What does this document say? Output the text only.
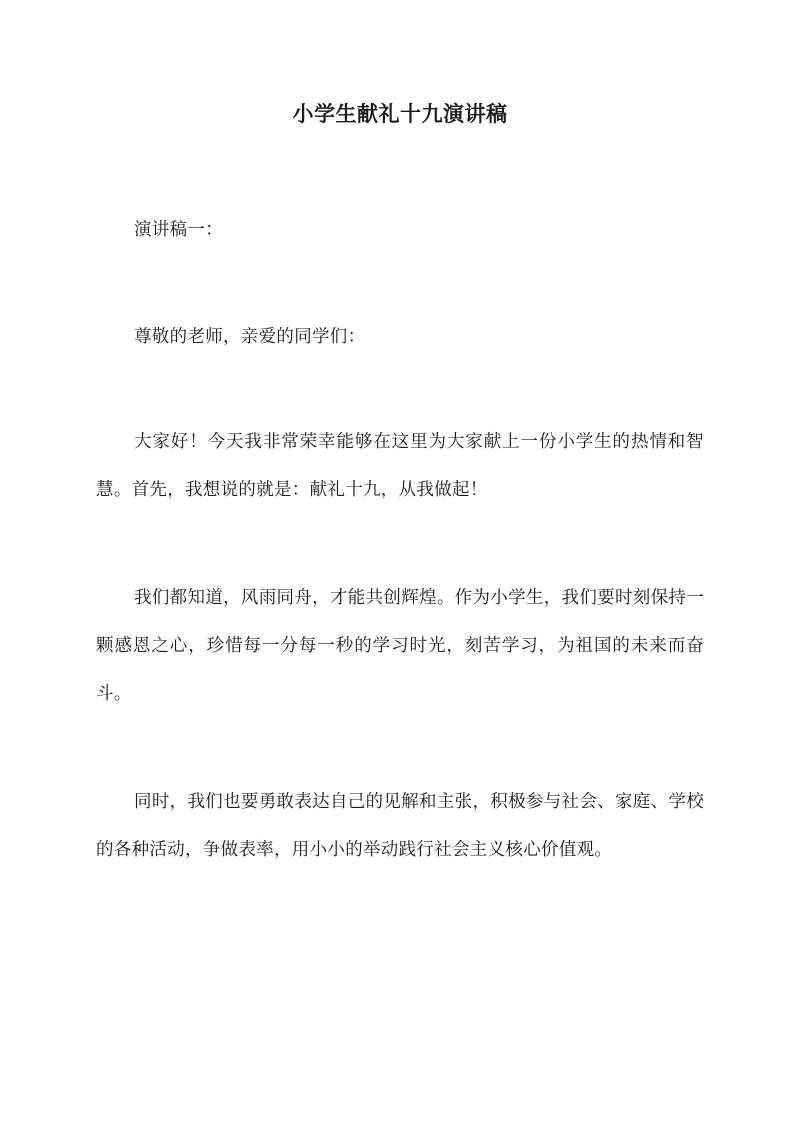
小学生献礼十九演讲稿

演讲稿一：

尊敬的老师，亲爱的同学们：

大家好！今天我非常荣幸能够在这里为大家献上一份小学生的热情和智慧。首先，我想说的就是：献礼十九，从我做起！

我们都知道，风雨同舟，才能共创辉煌。作为小学生，我们要时刻保持一颗感恩之心，珍惜每一分每一秒的学习时光，刻苦学习，为祖国的未来而奋斗。

同时，我们也要勇敢表达自己的见解和主张，积极参与社会、家庭、学校的各种活动，争做表率，用小小的举动践行社会主义核心价值观。
